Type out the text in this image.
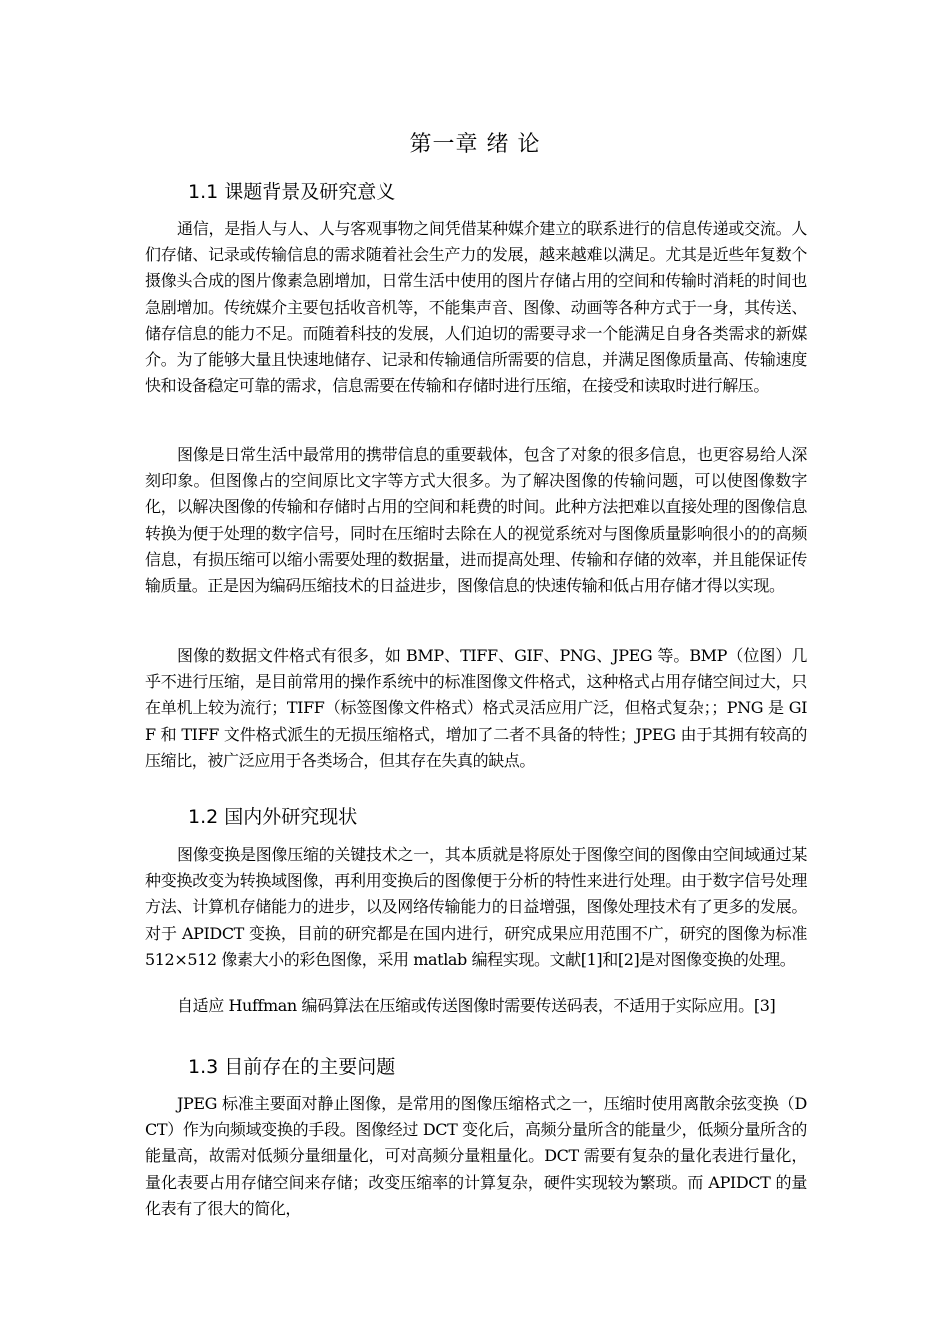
第一章 绪 论
1.1 课题背景及研究意义

通信，是指人与人、人与客观事物之间凭借某种媒介建立的联系进行的信息传递或交流。人们存储、记录或传输信息的需求随着社会生产力的发展，越来越难以满足。尤其是近些年复数个摄像头合成的图片像素急剧增加，日常生活中使用的图片存储占用的空间和传输时消耗的时间也急剧增加。传统媒介主要包括收音机等，不能集声音、图像、动画等各种方式于一身，其传送、储存信息的能力不足。而随着科技的发展，人们迫切的需要寻求一个能满足自身各类需求的新媒介。为了能够大量且快速地储存、记录和传输通信所需要的信息，并满足图像质量高、传输速度快和设备稳定可靠的需求，信息需要在传输和存储时进行压缩，在接受和读取时进行解压。

图像是日常生活中最常用的携带信息的重要载体，包含了对象的很多信息，也更容易给人深刻印象。但图像占的空间原比文字等方式大很多。为了解决图像的传输问题，可以使图像数字化，以解决图像的传输和存储时占用的空间和耗费的时间。此种方法把难以直接处理的图像信息转换为便于处理的数字信号，同时在压缩时去除在人的视觉系统对与图像质量影响很小的的高频信息，有损压缩可以缩小需要处理的数据量，进而提高处理、传输和存储的效率，并且能保证传输质量。正是因为编码压缩技术的日益进步，图像信息的快速传输和低占用存储才得以实现。

图像的数据文件格式有很多，如 BMP、TIFF、GIF、PNG、JPEG 等。BMP（位图）几乎不进行压缩，是目前常用的操作系统中的标准图像文件格式，这种格式占用存储空间过大，只在单机上较为流行；TIFF（标签图像文件格式）格式灵活应用广泛，但格式复杂；；PNG 是 GIF 和 TIFF 文件格式派生的无损压缩格式，增加了二者不具备的特性；JPEG 由于其拥有较高的压缩比，被广泛应用于各类场合，但其存在失真的缺点。

1.2 国内外研究现状

图像变换是图像压缩的关键技术之一，其本质就是将原处于图像空间的图像由空间域通过某种变换改变为转换域图像，再利用变换后的图像便于分析的特性来进行处理。由于数字信号处理方法、计算机存储能力的进步，以及网络传输能力的日益增强，图像处理技术有了更多的发展。对于 APIDCT 变换，目前的研究都是在国内进行，研究成果应用范围不广，研究的图像为标准 512×512 像素大小的彩色图像，采用 matlab 编程实现。文献[1]和[2]是对图像变换的处理。

自适应 Huffman 编码算法在压缩或传送图像时需要传送码表，不适用于实际应用。[3]

1.3 目前存在的主要问题

JPEG 标准主要面对静止图像，是常用的图像压缩格式之一，压缩时使用离散余弦变换（DCT）作为向频域变换的手段。图像经过 DCT 变化后，高频分量所含的能量少，低频分量所含的能量高，故需对低频分量细量化，可对高频分量粗量化。DCT 需要有复杂的量化表进行量化，量化表要占用存储空间来存储；改变压缩率的计算复杂，硬件实现较为繁琐。而 APIDCT 的量化表有了很大的简化，
